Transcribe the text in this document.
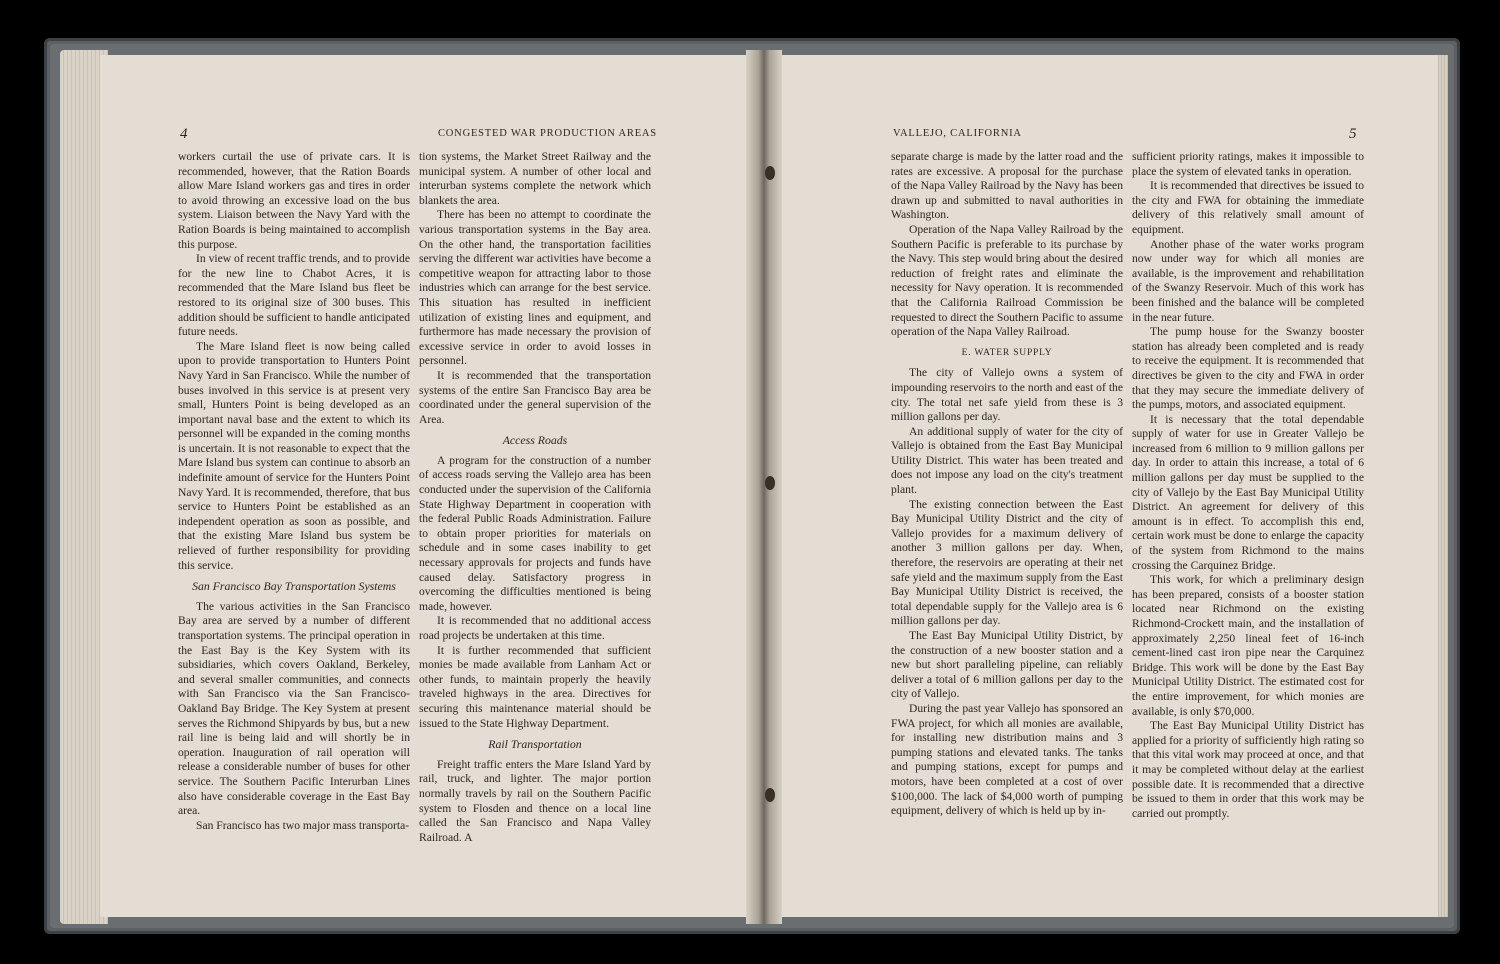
4	CONGESTED WAR PRODUCTION AREAS

workers curtail the use of private cars. It is recommended, however, that the Ration Boards allow Mare Island workers gas and tires in order to avoid throwing an excessive load on the bus system. Liaison between the Navy Yard with the Ration Boards is being maintained to accomplish this purpose.

In view of recent traffic trends, and to provide for the new line to Chabot Acres, it is recommended that the Mare Island bus fleet be restored to its original size of 300 buses. This addition should be sufficient to handle anticipated future needs.

The Mare Island fleet is now being called upon to provide transportation to Hunters Point Navy Yard in San Francisco. While the number of buses involved in this service is at present very small, Hunters Point is being developed as an important naval base and the extent to which its personnel will be expanded in the coming months is uncertain. It is not reasonable to expect that the Mare Island bus system can continue to absorb an indefinite amount of service for the Hunters Point Navy Yard. It is recommended, therefore, that bus service to Hunters Point be established as an independent operation as soon as possible, and that the existing Mare Island bus system be relieved of further responsibility for providing this service.

San Francisco Bay Transportation Systems

The various activities in the San Francisco Bay area are served by a number of different transportation systems. The principal operation in the East Bay is the Key System with its subsidiaries, which covers Oakland, Berkeley, and several smaller communities, and connects with San Francisco via the San Francisco-Oakland Bay Bridge. The Key System at present serves the Richmond Shipyards by bus, but a new rail line is being laid and will shortly be in operation. Inauguration of rail operation will release a considerable number of buses for other service. The Southern Pacific Interurban Lines also have considerable coverage in the East Bay area.

San Francisco has two major mass transporta-

tion systems, the Market Street Railway and the municipal system. A number of other local and interurban systems complete the network which blankets the area.

There has been no attempt to coordinate the various transportation systems in the Bay area. On the other hand, the transportation facilities serving the different war activities have become a competitive weapon for attracting labor to those industries which can arrange for the best service. This situation has resulted in inefficient utilization of existing lines and equipment, and furthermore has made necessary the provision of excessive service in order to avoid losses in personnel.

It is recommended that the transportation systems of the entire San Francisco Bay area be coordinated under the general supervision of the Area.

Access Roads

A program for the construction of a number of access roads serving the Vallejo area has been conducted under the supervision of the California State Highway Department in cooperation with the federal Public Roads Administration. Failure to obtain proper priorities for materials on schedule and in some cases inability to get necessary approvals for projects and funds have caused delay. Satisfactory progress in overcoming the difficulties mentioned is being made, however.

It is recommended that no additional access road projects be undertaken at this time.

It is further recommended that sufficient monies be made available from Lanham Act or other funds, to maintain properly the heavily traveled highways in the area. Directives for securing this maintenance material should be issued to the State Highway Department.

Rail Transportation

Freight traffic enters the Mare Island Yard by rail, truck, and lighter. The major portion normally travels by rail on the Southern Pacific system to Flosden and thence on a local line called the San Francisco and Napa Valley Railroad. A

VALLEJO, CALIFORNIA	5

separate charge is made by the latter road and the rates are excessive. A proposal for the purchase of the Napa Valley Railroad by the Navy has been drawn up and submitted to naval authorities in Washington.

Operation of the Napa Valley Railroad by the Southern Pacific is preferable to its purchase by the Navy. This step would bring about the desired reduction of freight rates and eliminate the necessity for Navy operation. It is recommended that the California Railroad Commission be requested to direct the Southern Pacific to assume operation of the Napa Valley Railroad.

E. WATER SUPPLY

The city of Vallejo owns a system of impounding reservoirs to the north and east of the city. The total net safe yield from these is 3 million gallons per day.

An additional supply of water for the city of Vallejo is obtained from the East Bay Municipal Utility District. This water has been treated and does not impose any load on the city's treatment plant.

The existing connection between the East Bay Municipal Utility District and the city of Vallejo provides for a maximum delivery of another 3 million gallons per day. When, therefore, the reservoirs are operating at their net safe yield and the maximum supply from the East Bay Municipal Utility District is received, the total dependable supply for the Vallejo area is 6 million gallons per day.

The East Bay Municipal Utility District, by the construction of a new booster station and a new but short paralleling pipeline, can reliably deliver a total of 6 million gallons per day to the city of Vallejo.

During the past year Vallejo has sponsored an FWA project, for which all monies are available, for installing new distribution mains and 3 pumping stations and elevated tanks. The tanks and pumping stations, except for pumps and motors, have been completed at a cost of over $100,000. The lack of $4,000 worth of pumping equipment, delivery of which is held up by in-

sufficient priority ratings, makes it impossible to place the system of elevated tanks in operation.

It is recommended that directives be issued to the city and FWA for obtaining the immediate delivery of this relatively small amount of equipment.

Another phase of the water works program now under way for which all monies are available, is the improvement and rehabilitation of the Swanzy Reservoir. Much of this work has been finished and the balance will be completed in the near future.

The pump house for the Swanzy booster station has already been completed and is ready to receive the equipment. It is recommended that directives be given to the city and FWA in order that they may secure the immediate delivery of the pumps, motors, and associated equipment.

It is necessary that the total dependable supply of water for use in Greater Vallejo be increased from 6 million to 9 million gallons per day. In order to attain this increase, a total of 6 million gallons per day must be supplied to the city of Vallejo by the East Bay Municipal Utility District. An agreement for delivery of this amount is in effect. To accomplish this end, certain work must be done to enlarge the capacity of the system from Richmond to the mains crossing the Carquinez Bridge.

This work, for which a preliminary design has been prepared, consists of a booster station located near Richmond on the existing Richmond-Crockett main, and the installation of approximately 2,250 lineal feet of 16-inch cement-lined cast iron pipe near the Carquinez Bridge. This work will be done by the East Bay Municipal Utility District. The estimated cost for the entire improvement, for which monies are available, is only $70,000.

The East Bay Municipal Utility District has applied for a priority of sufficiently high rating so that this vital work may proceed at once, and that it may be completed without delay at the earliest possible date. It is recommended that a directive be issued to them in order that this work may be carried out promptly.
